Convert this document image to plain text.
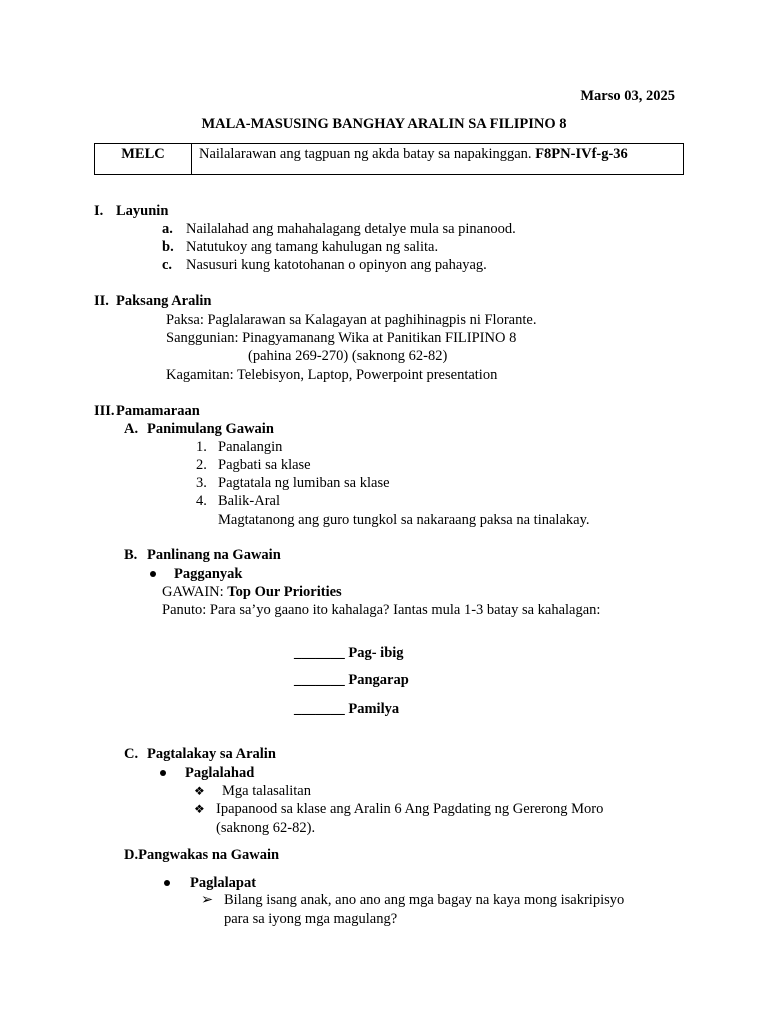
Marso 03, 2025
MALA-MASUSING BANGHAY ARALIN SA FILIPINO 8
MELC	Nailalarawan ang tagpuan ng akda batay sa napakinggan. F8PN-IVf-g-36
I. Layunin
a. Nailalahad ang mahahalagang detalye mula sa pinanood.
b. Natutukoy ang tamang kahulugan ng salita.
c. Nasusuri kung katotohanan o opinyon ang pahayag.
II. Paksang Aralin
Paksa: Paglalarawan sa Kalagayan at paghihinagpis ni Florante.
Sanggunian: Pinagyamanang Wika at Panitikan FILIPINO 8
(pahina 269-270) (saknong 62-82)
Kagamitan: Telebisyon, Laptop, Powerpoint presentation
III. Pamamaraan
A. Panimulang Gawain
1. Panalangin
2. Pagbati sa klase
3. Pagtatala ng lumiban sa klase
4. Balik-Aral
Magtatanong ang guro tungkol sa nakaraang paksa na tinalakay.
B. Panlinang na Gawain
Pagganyak
GAWAIN: Top Our Priorities
Panuto: Para sa’yo gaano ito kahalaga? Iantas mula 1-3 batay sa kahalagan:
_______ Pag- ibig
_______ Pangarap
_______ Pamilya
C. Pagtalakay sa Aralin
Paglalahad
❖ Mga talasalitan
❖ Ipapanood sa klase ang Aralin 6 Ang Pagdating ng Gererong Moro
(saknong 62-82).
D.Pangwakas na Gawain
Paglalapat
➢ Bilang isang anak, ano ano ang mga bagay na kaya mong isakripisyo
para sa iyong mga magulang?
